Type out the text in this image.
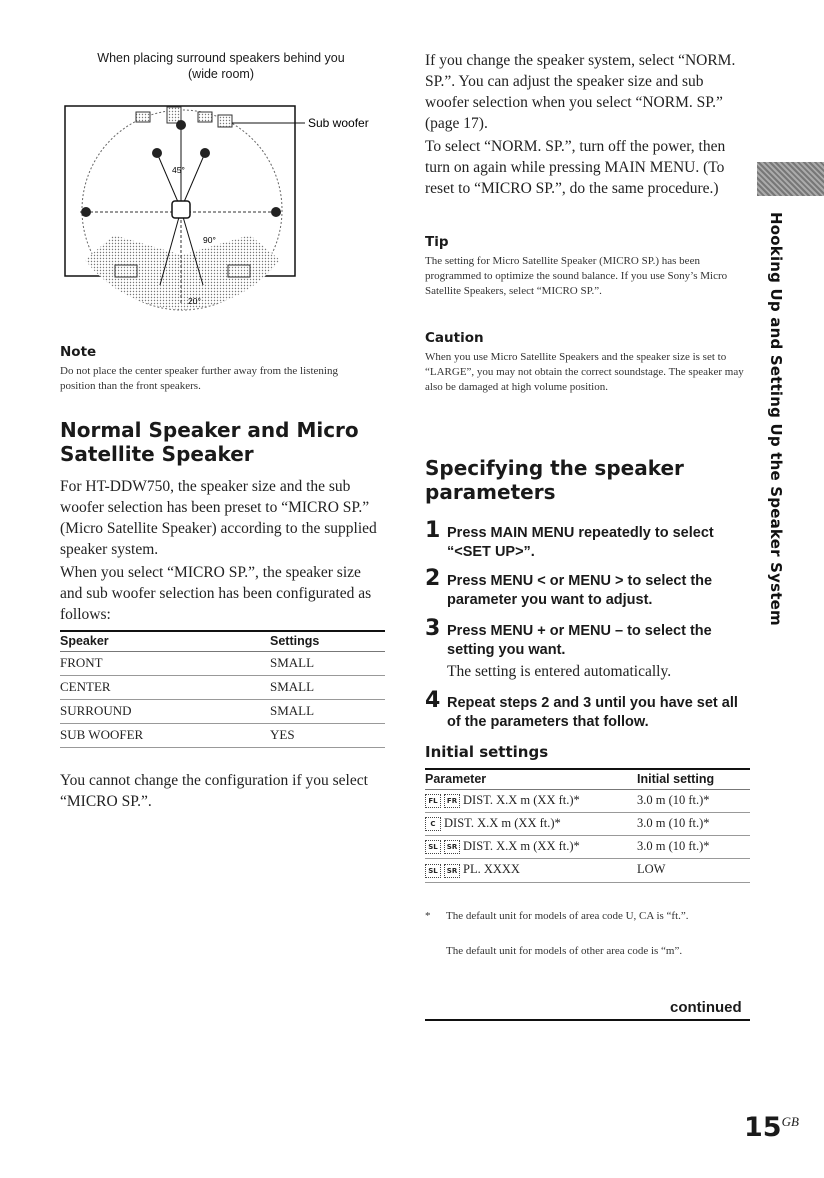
When placing surround speakers behind you
(wide room)
Sub woofer
45°
90°
20°
Note
Do not place the center speaker further away from the listening position than the front speakers.
Normal Speaker and Micro
Satellite Speaker
For HT-DDW750, the speaker size and the sub woofer selection has been preset to “MICRO SP.” (Micro Satellite Speaker) according to the supplied speaker system.
When you select “MICRO SP.”, the speaker size and sub woofer selection has been configurated as follows:
Speaker	Settings
FRONT	SMALL
CENTER	SMALL
SURROUND	SMALL
SUB WOOFER	YES
You cannot change the configuration if you select “MICRO SP.”.
If you change the speaker system, select “NORM. SP.”. You can adjust the speaker size and sub woofer selection when you select “NORM. SP.” (page 17).
To select “NORM. SP.”, turn off the power, then turn on again while pressing MAIN MENU. (To reset to “MICRO SP.”, do the same procedure.)
Tip
The setting for Micro Satellite Speaker (MICRO SP.) has been programmed to optimize the sound balance. If you use Sony’s Micro Satellite Speakers, select “MICRO SP.”.
Caution
When you use Micro Satellite Speakers and the speaker size is set to “LARGE”, you may not obtain the correct soundstage. The speaker may also be damaged at high volume position.
Specifying the speaker
parameters
1 Press MAIN MENU repeatedly to select “<SET UP>”.
2 Press MENU < or MENU > to select the parameter you want to adjust.
3 Press MENU + or MENU – to select the setting you want.
The setting is entered automatically.
4 Repeat steps 2 and 3 until you have set all of the parameters that follow.
Initial settings
Parameter	Initial setting
FL FR DIST. X.X m (XX ft.)*	3.0 m (10 ft.)*
C DIST. X.X m (XX ft.)*	3.0 m (10 ft.)*
SL SR DIST. X.X m (XX ft.)*	3.0 m (10 ft.)*
SL SR PL. XXXX	LOW
*	The default unit for models of area code U, CA is “ft.”.
The default unit for models of other area code is “m”.
continued
Hooking Up and Setting Up the Speaker System
$15^{GB}$
